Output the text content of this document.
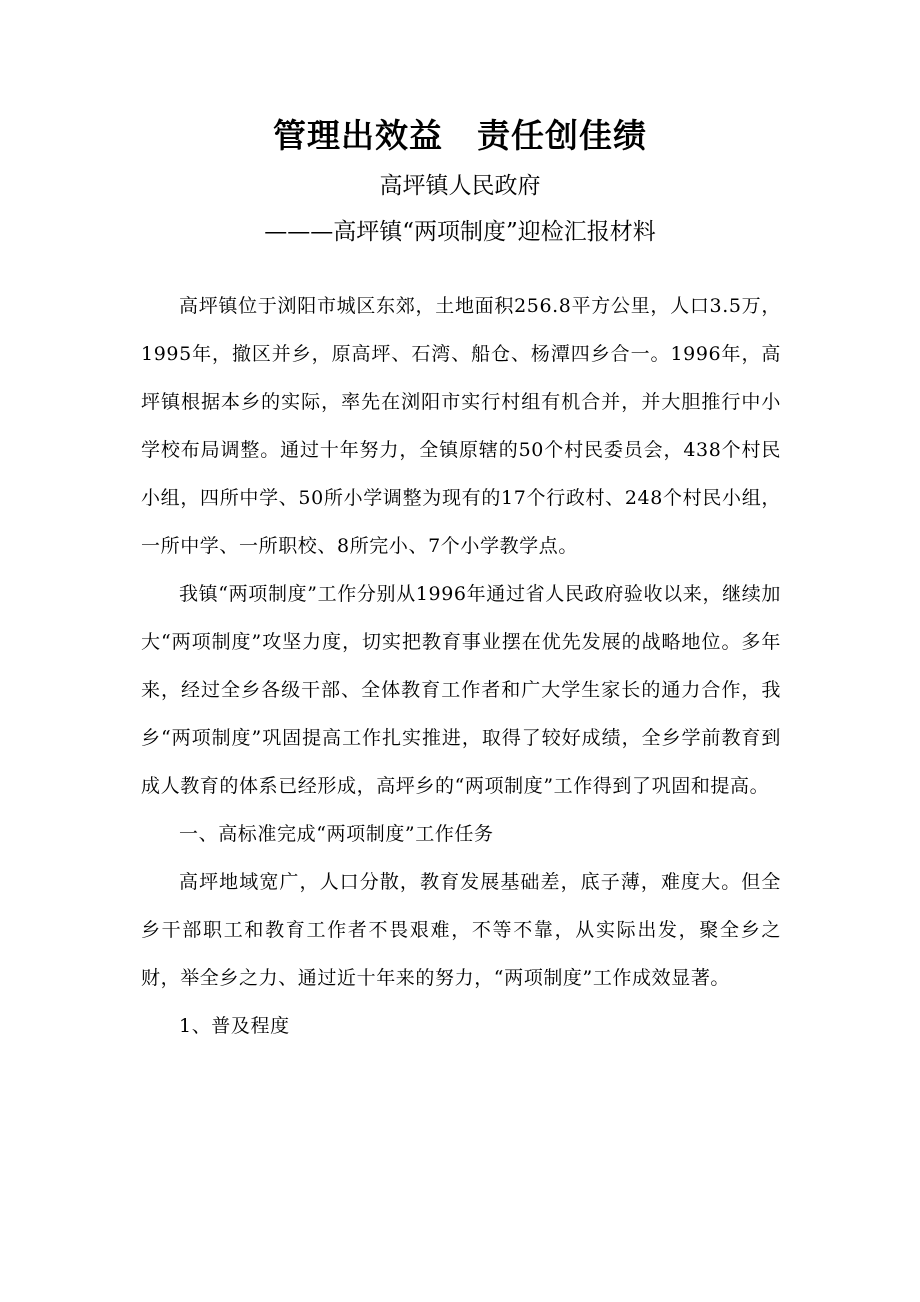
管理出效益　责任创佳绩
高坪镇人民政府
———高坪镇“两项制度”迎检汇报材料

高坪镇位于浏阳市城区东郊，土地面积256.8平方公里，人口3.5万，1995年，撤区并乡，原高坪、石湾、船仓、杨潭四乡合一。1996年，高坪镇根据本乡的实际，率先在浏阳市实行村组有机合并，并大胆推行中小学校布局调整。通过十年努力，全镇原辖的50个村民委员会，438个村民小组，四所中学、50所小学调整为现有的17个行政村、248个村民小组，一所中学、一所职校、8所完小、7个小学教学点。

我镇“两项制度”工作分别从1996年通过省人民政府验收以来，继续加大“两项制度”攻坚力度，切实把教育事业摆在优先发展的战略地位。多年来，经过全乡各级干部、全体教育工作者和广大学生家长的通力合作，我乡“两项制度”巩固提高工作扎实推进，取得了较好成绩，全乡学前教育到成人教育的体系已经形成，高坪乡的“两项制度”工作得到了巩固和提高。

一、高标准完成“两项制度”工作任务

高坪地域宽广，人口分散，教育发展基础差，底子薄，难度大。但全乡干部职工和教育工作者不畏艰难，不等不靠，从实际出发，聚全乡之财，举全乡之力、通过近十年来的努力，“两项制度”工作成效显著。

1、普及程度
